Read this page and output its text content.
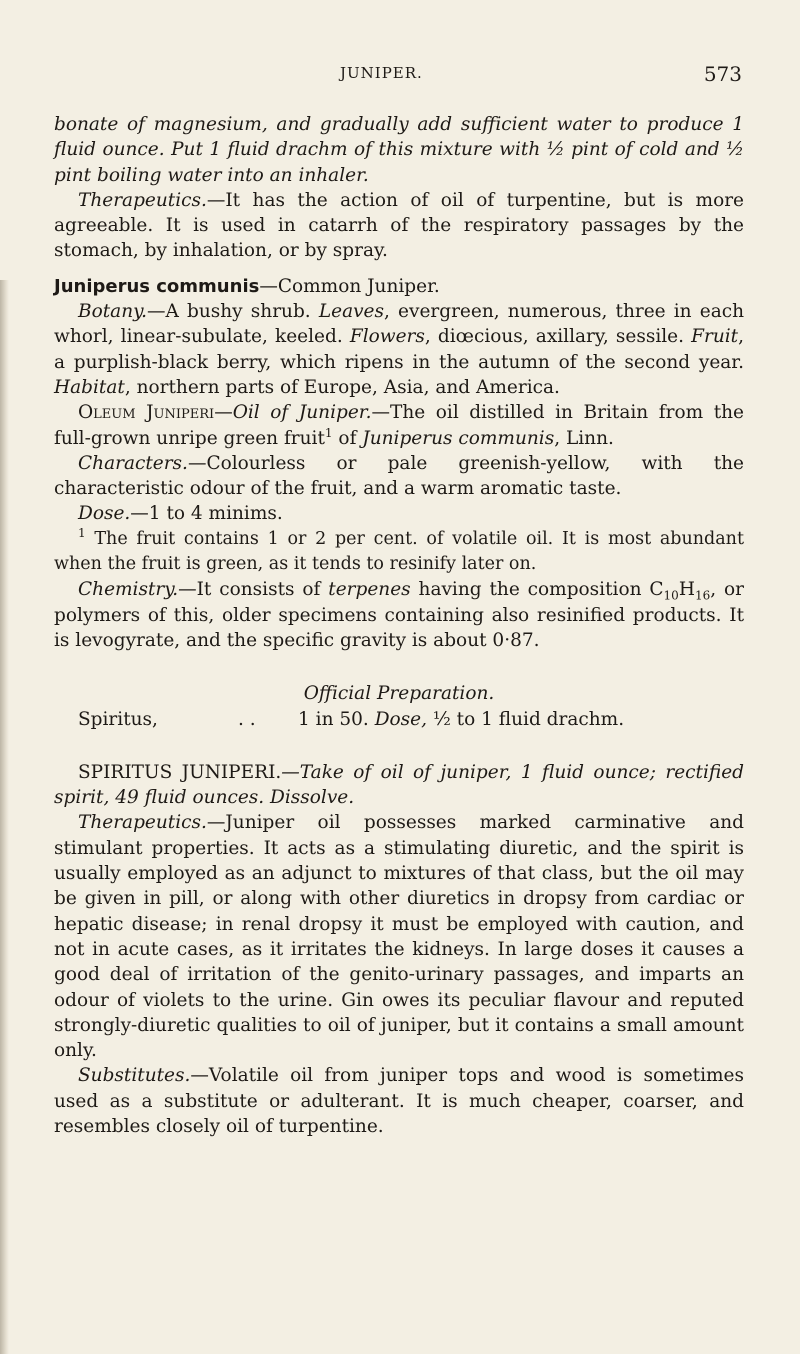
JUNIPER.	573

bonate of magnesium, and gradually add sufficient water to produce 1 fluid ounce. Put 1 fluid drachm of this mixture with ½ pint of cold and ½ pint boiling water into an inhaler.

Therapeutics.—It has the action of oil of turpentine, but is more agreeable. It is used in catarrh of the respiratory passages by the stomach, by inhalation, or by spray.

Juniperus communis—Common Juniper.

Botany.—A bushy shrub. Leaves, evergreen, numerous, three in each whorl, linear-subulate, keeled. Flowers, diœcious, axillary, sessile. Fruit, a purplish-black berry, which ripens in the autumn of the second year. Habitat, northern parts of Europe, Asia, and America.

Oleum Juniperi—Oil of Juniper.—The oil distilled in Britain from the full-grown unripe green fruit$^1$ of Juniperus communis, Linn.

Characters.—Colourless or pale greenish-yellow, with the characteristic odour of the fruit, and a warm aromatic taste.

Dose.—1 to 4 minims.

$^1$ The fruit contains 1 or 2 per cent. of volatile oil. It is most abundant when the fruit is green, as it tends to resinify later on.

Chemistry.—It consists of terpenes having the composition $C_{10}H_{16}$, or polymers of this, older specimens containing also resinified products. It is levogyrate, and the specific gravity is about 0·87.

Official Preparation.

Spiritus,	. .	1 in 50. Dose, ½ to 1 fluid drachm.

SPIRITUS JUNIPERI.—Take of oil of juniper, 1 fluid ounce; rectified spirit, 49 fluid ounces. Dissolve.

Therapeutics.—Juniper oil possesses marked carminative and stimulant properties. It acts as a stimulating diuretic, and the spirit is usually employed as an adjunct to mixtures of that class, but the oil may be given in pill, or along with other diuretics in dropsy from cardiac or hepatic disease; in renal dropsy it must be employed with caution, and not in acute cases, as it irritates the kidneys. In large doses it causes a good deal of irritation of the genito-urinary passages, and imparts an odour of violets to the urine. Gin owes its peculiar flavour and reputed strongly-diuretic qualities to oil of juniper, but it contains a small amount only.

Substitutes.—Volatile oil from juniper tops and wood is sometimes used as a substitute or adulterant. It is much cheaper, coarser, and resembles closely oil of turpentine.
